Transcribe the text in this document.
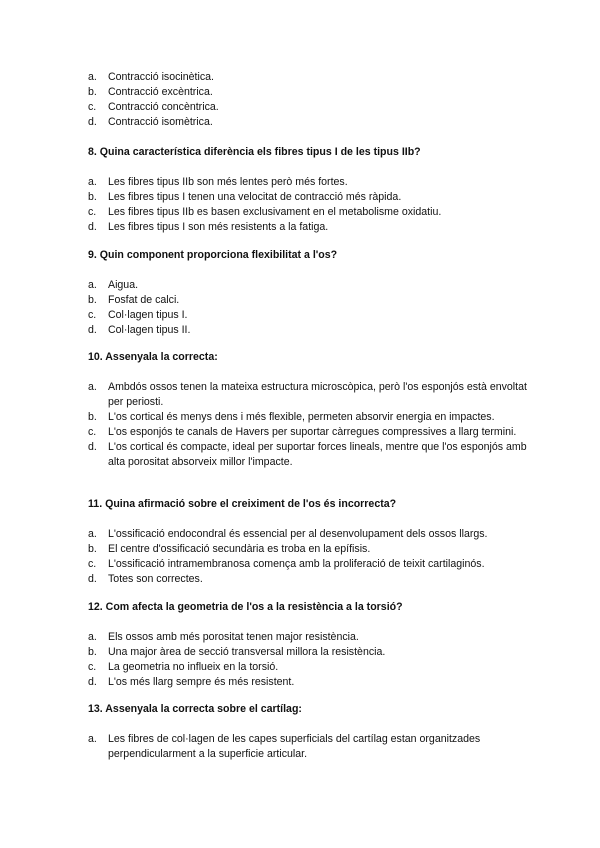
a. Contracció isocinètica.
b. Contracció excèntrica.
c. Contracció concèntrica.
d. Contracció isomètrica.

8. Quina característica diferència els fibres tipus I de les tipus IIb?

a. Les fibres tipus IIb son més lentes però més fortes.
b. Les fibres tipus I tenen una velocitat de contracció més ràpida.
c. Les fibres tipus IIb es basen exclusivament en el metabolisme oxidatiu.
d. Les fibres tipus I son més resistents a la fatiga.

9. Quin component proporciona flexibilitat a l'os?

a. Aigua.
b. Fosfat de calci.
c. Col·lagen tipus I.
d. Col·lagen tipus II.

10. Assenyala la correcta:

a. Ambdós ossos tenen la mateixa estructura microscòpica, però l'os esponjós està envoltat per periosti.
b. L'os cortical és menys dens i més flexible, permeten absorvir energia en impactes.
c. L'os esponjós te canals de Havers per suportar càrregues compressives a llarg termini.
d. L'os cortical és compacte, ideal per suportar forces lineals, mentre que l'os esponjós amb alta porositat absorveix millor l'impacte.

11. Quina afirmació sobre el creiximent de l'os és incorrecta?

a. L'ossificació endocondral és essencial per al desenvolupament dels ossos llargs.
b. El centre d'ossificació secundària es troba en la epífisis.
c. L'ossificació intramembranosa comença amb la proliferació de teixit cartilaginós.
d. Totes son correctes.

12. Com afecta la geometria de l'os a la resistència a la torsió?

a. Els ossos amb més porositat tenen major resistència.
b. Una major àrea de secció transversal millora la resistència.
c. La geometria no influeix en la torsió.
d. L'os més llarg sempre és més resistent.

13. Assenyala la correcta sobre el cartílag:

a. Les fibres de col·lagen de les capes superficials del cartílag estan organitzades perpendicularment a la superficie articular.
